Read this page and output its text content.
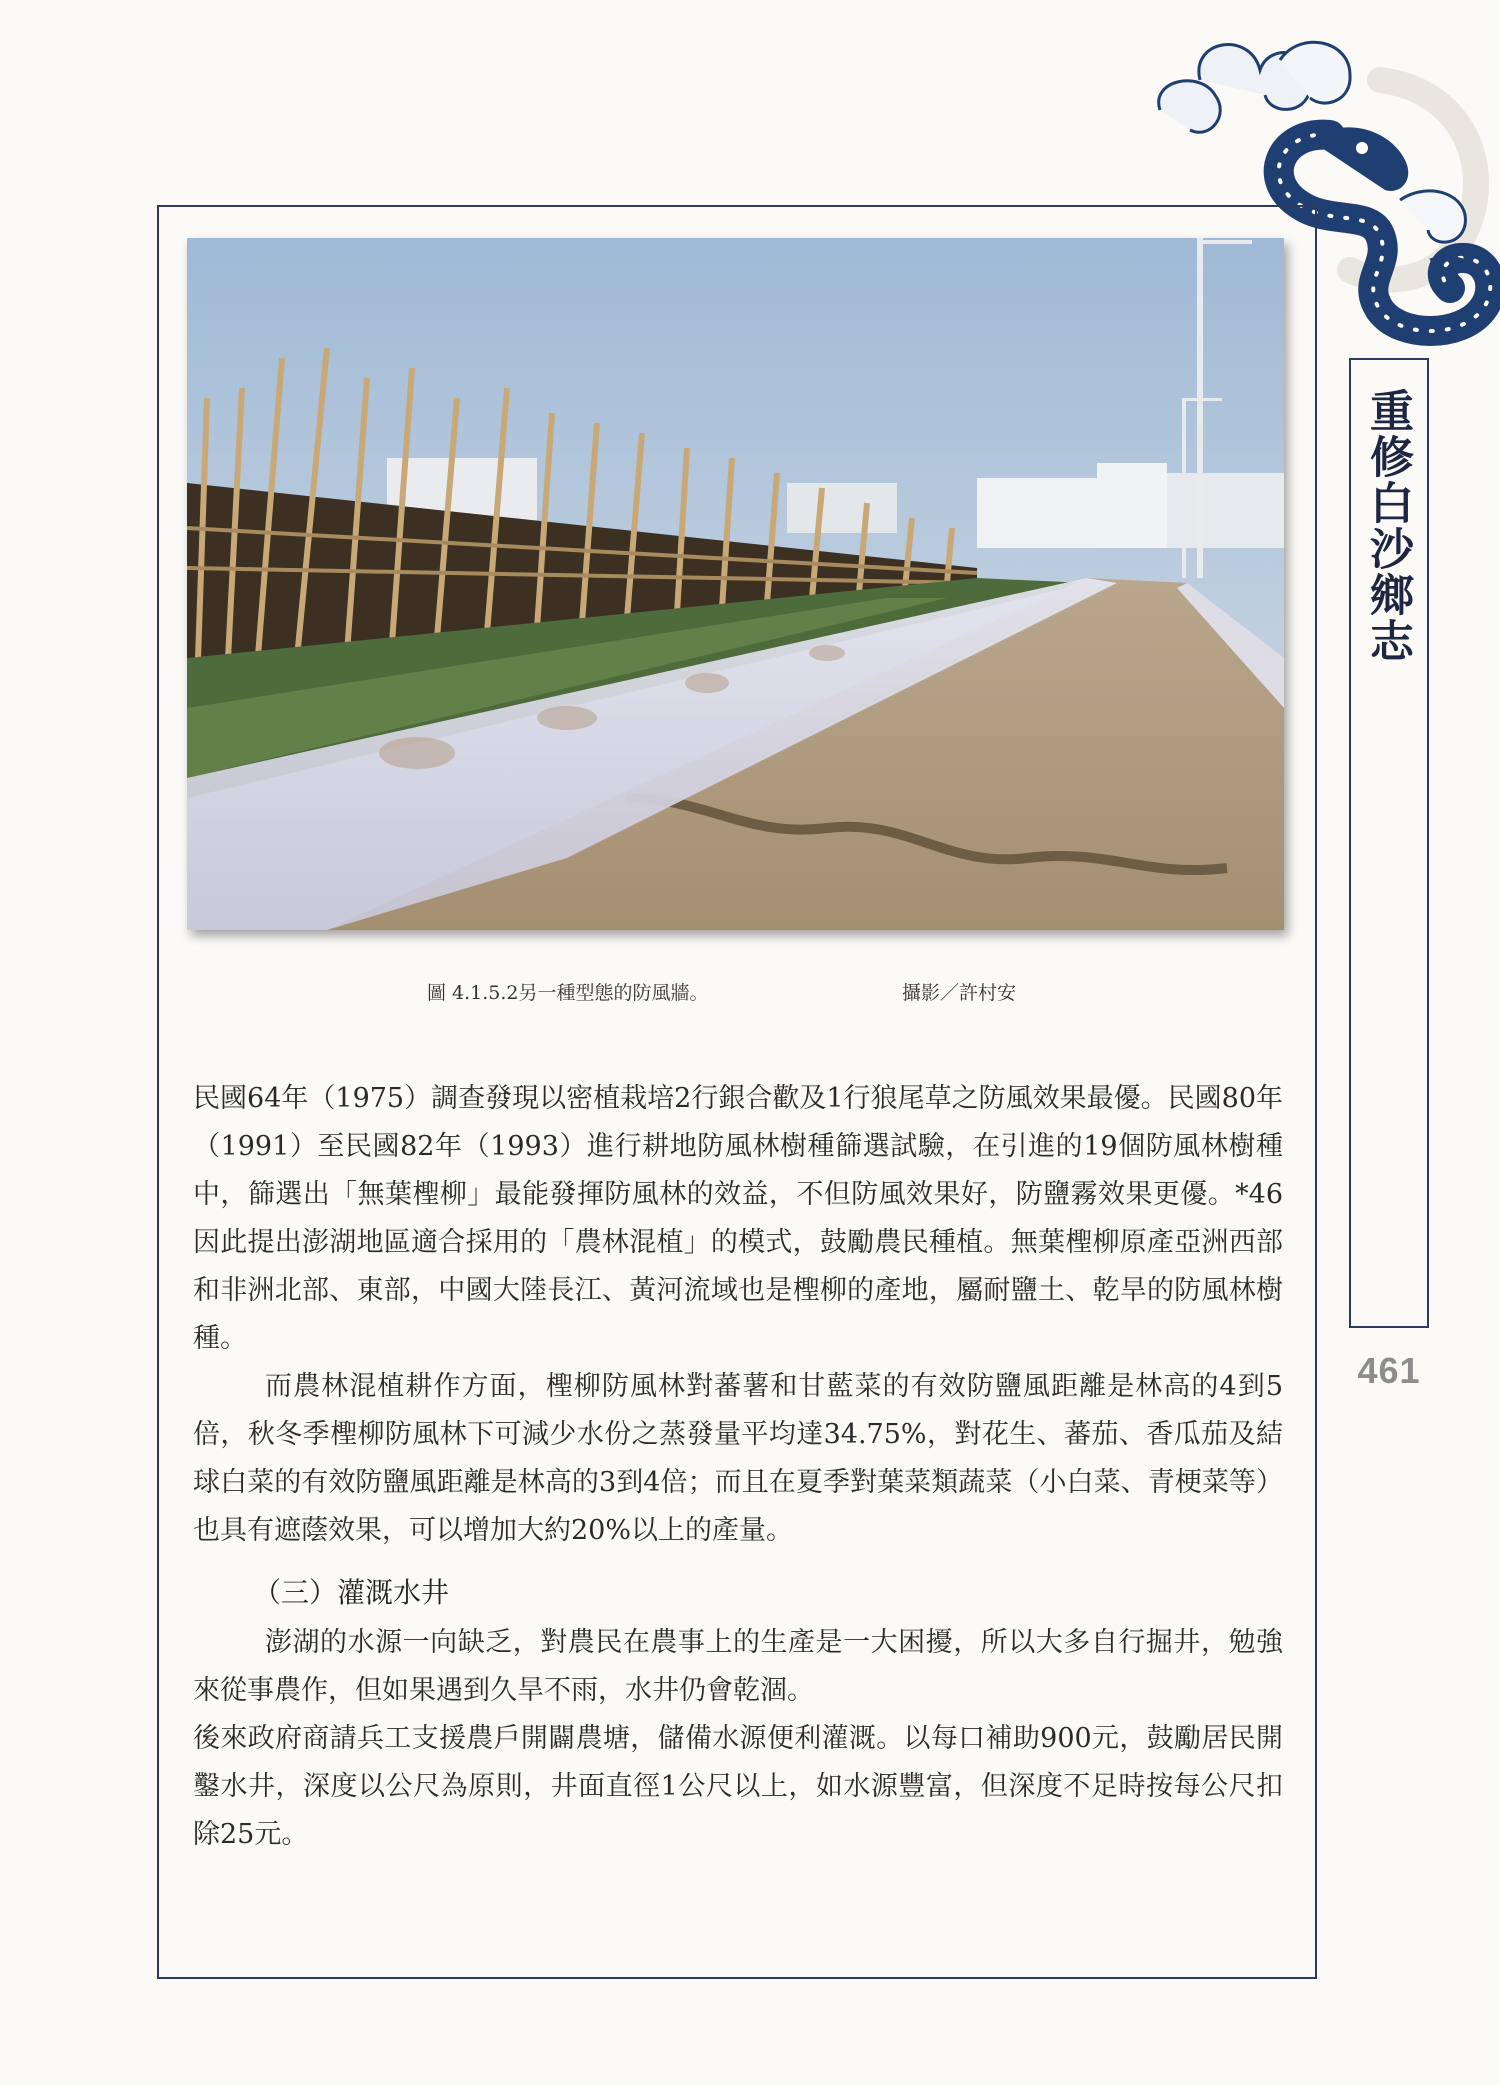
圖 4.1.5.2另一種型態的防風牆。	攝影／許村安

民國64年（1975）調查發現以密植栽培2行銀合歡及1行狼尾草之防風效果最優。民國80年（1991）至民國82年（1993）進行耕地防風林樹種篩選試驗，在引進的19個防風林樹種中，篩選出「無葉檉柳」最能發揮防風林的效益，不但防風效果好，防鹽霧效果更優。*46因此提出澎湖地區適合採用的「農林混植」的模式，鼓勵農民種植。無葉檉柳原產亞洲西部和非洲北部、東部，中國大陸長江、黃河流域也是檉柳的產地，屬耐鹽土、乾旱的防風林樹種。

而農林混植耕作方面，檉柳防風林對蕃薯和甘藍菜的有效防鹽風距離是林高的4到5倍，秋冬季檉柳防風林下可減少水份之蒸發量平均達34.75%，對花生、蕃茄、香瓜茄及結球白菜的有效防鹽風距離是林高的3到4倍；而且在夏季對葉菜類蔬菜（小白菜、青梗菜等）也具有遮蔭效果，可以增加大約20%以上的產量。

（三）灌溉水井

澎湖的水源一向缺乏，對農民在農事上的生產是一大困擾，所以大多自行掘井，勉強來從事農作，但如果遇到久旱不雨，水井仍會乾涸。

後來政府商請兵工支援農戶開闢農塘，儲備水源便利灌溉。以每口補助900元，鼓勵居民開鑿水井，深度以公尺為原則，井面直徑1公尺以上，如水源豐富，但深度不足時按每公尺扣除25元。

重修白沙鄉志
461
